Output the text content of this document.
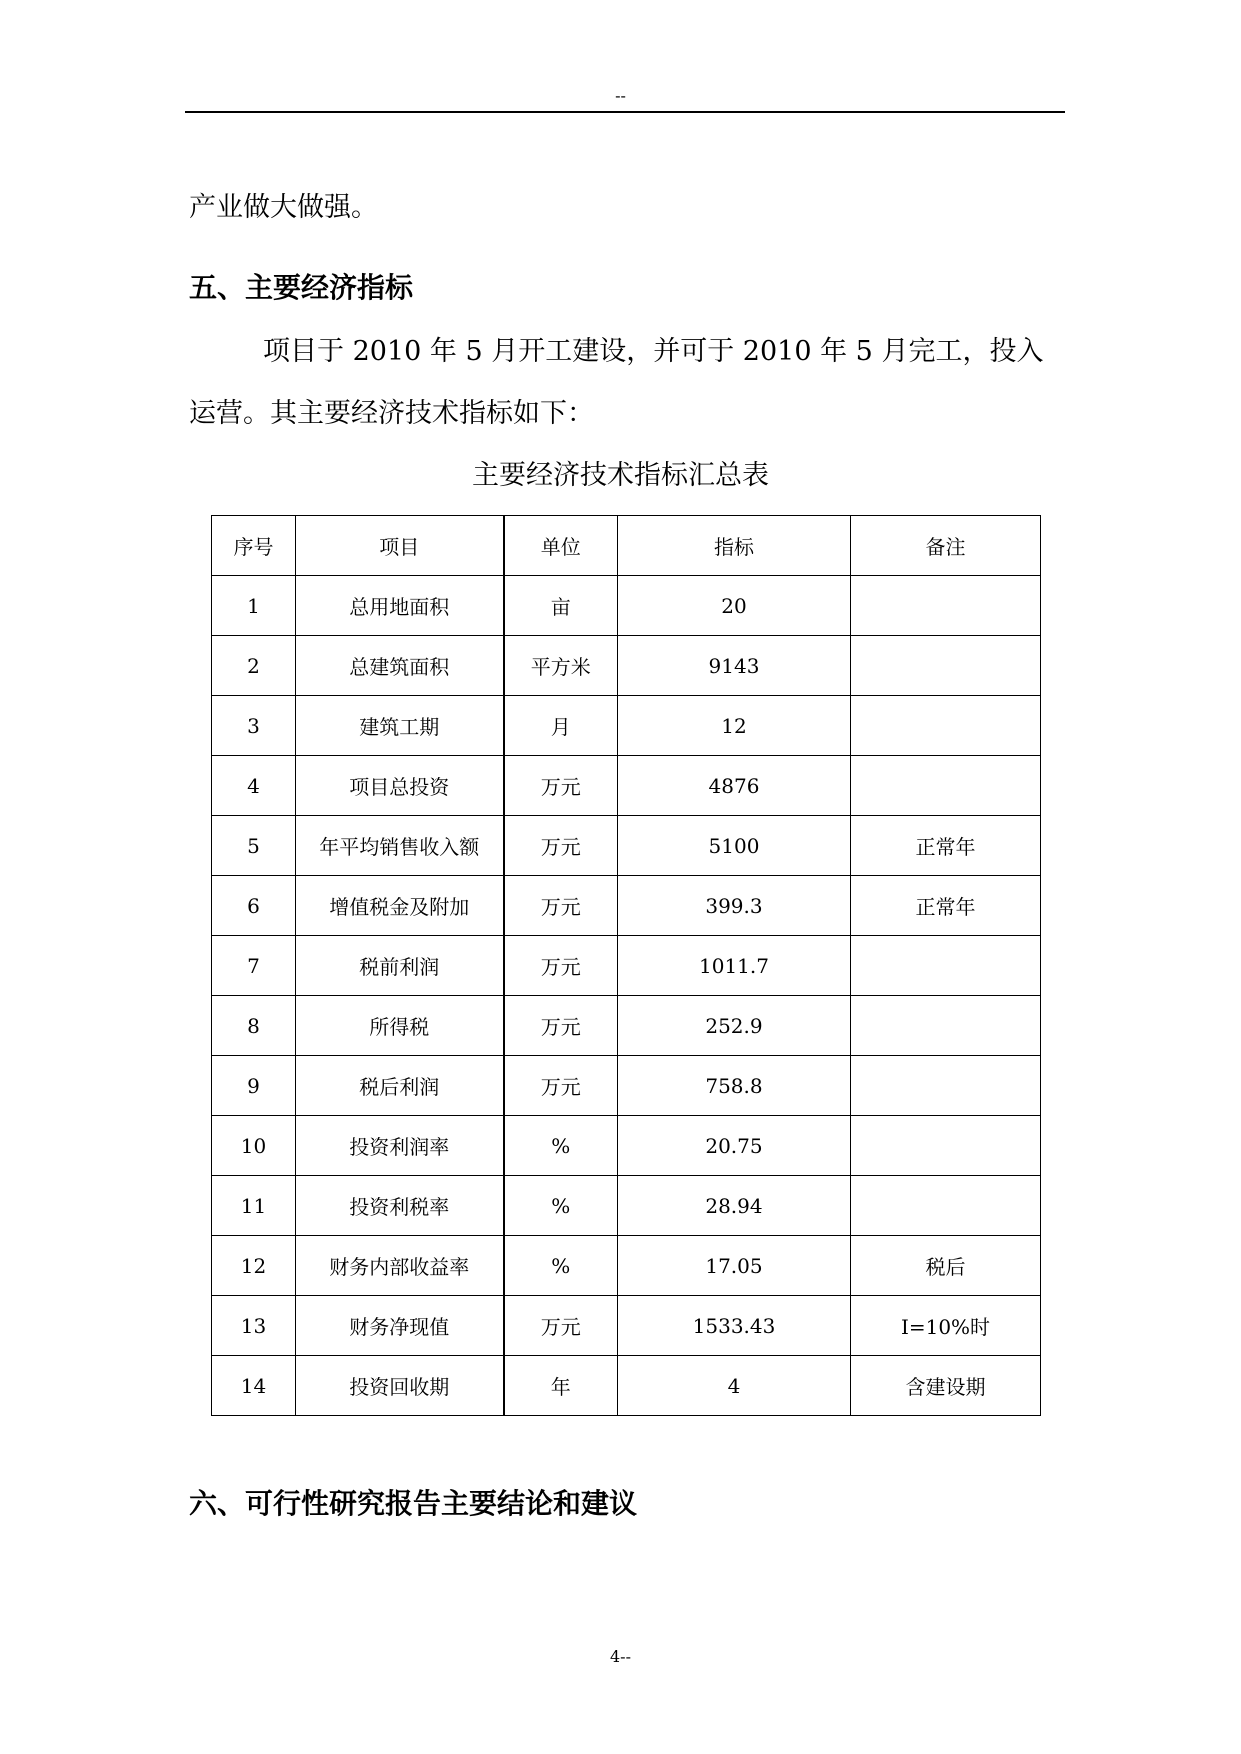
--
产业做大做强。
五、主要经济指标
项目于 2010 年 5 月开工建设，并可于 2010 年 5 月完工，投入
运营。其主要经济技术指标如下：
主要经济技术指标汇总表
序号	项目	单位	指标	备注
1	总用地面积	亩	20	
2	总建筑面积	平方米	9143	
3	建筑工期	月	12	
4	项目总投资	万元	4876	
5	年平均销售收入额	万元	5100	正常年
6	增值税金及附加	万元	399.3	正常年
7	税前利润	万元	1011.7	
8	所得税	万元	252.9	
9	税后利润	万元	758.8	
10	投资利润率	%	20.75	
11	投资利税率	%	28.94	
12	财务内部收益率	%	17.05	税后
13	财务净现值	万元	1533.43	I=10%时
14	投资回收期	年	4	含建设期
六、可行性研究报告主要结论和建议
4--
